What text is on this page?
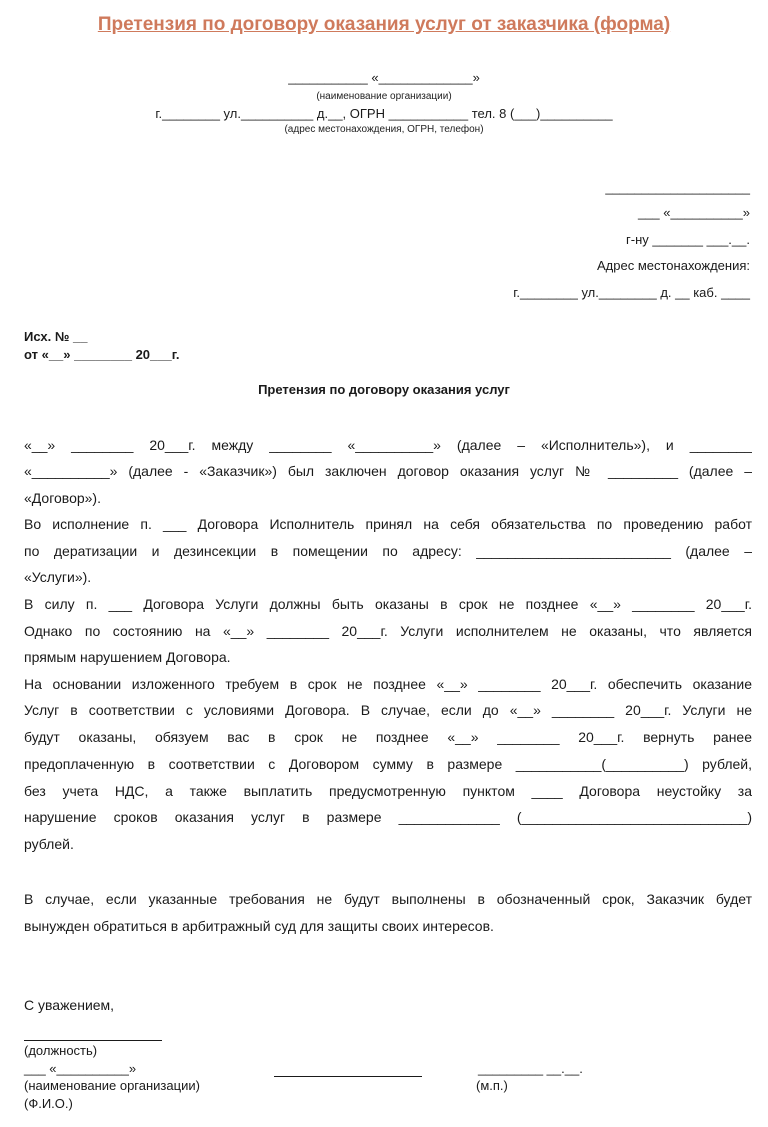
Претензия по договору оказания услуг от заказчика (форма)
___________ «_____________»
(наименование организации)
г.________ ул.__________ д.__, ОГРН ___________ тел. 8 (___)__________
(адрес местонахождения, ОГРН, телефон)
____________________
___ «__________»
г-ну _______ ___.__.
Адрес местонахождения:
г.________ ул.________ д. __ каб. ____
Исх. № __
от «__» ________ 20___г.
Претензия по договору оказания услуг
«__» ________ 20___г. между ________ «__________» (далее – «Исполнитель»), и ________
«__________» (далее - «Заказчик») был заключен договор оказания услуг № _________ (далее –
«Договор»).
Во исполнение п. ___ Договора Исполнитель принял на себя обязательства по проведению работ
по дератизации и дезинсекции в помещении по адресу: _________________________ (далее –
«Услуги»).
В силу п. ___ Договора Услуги должны быть оказаны в срок не позднее «__» ________ 20___г.
Однако по состоянию на «__» ________ 20___г. Услуги исполнителем не оказаны, что является
прямым нарушением Договора.
На основании изложенного требуем в срок не позднее «__» ________ 20___г. обеспечить оказание
Услуг в соответствии с условиями Договора. В случае, если до «__» ________ 20___г. Услуги не
будут оказаны, обязуем вас в срок не позднее «__» ________ 20___г. вернуть ранее
предоплаченную в соответствии с Договором сумму в размере ___________(__________) рублей,
без учета НДС, а также выплатить предусмотренную пунктом ____ Договора неустойку за
нарушение сроков оказания услуг в размере _____________ (_____________________________)
рублей.
В случае, если указанные требования не будут выполнены в обозначенный срок, Заказчик будет
вынужден обратиться в арбитражный суд для защиты своих интересов.
С уважением,
(должность)
___ «__________»	_________ __.__.
(наименование организации)	(м.п.)
(Ф.И.О.)
